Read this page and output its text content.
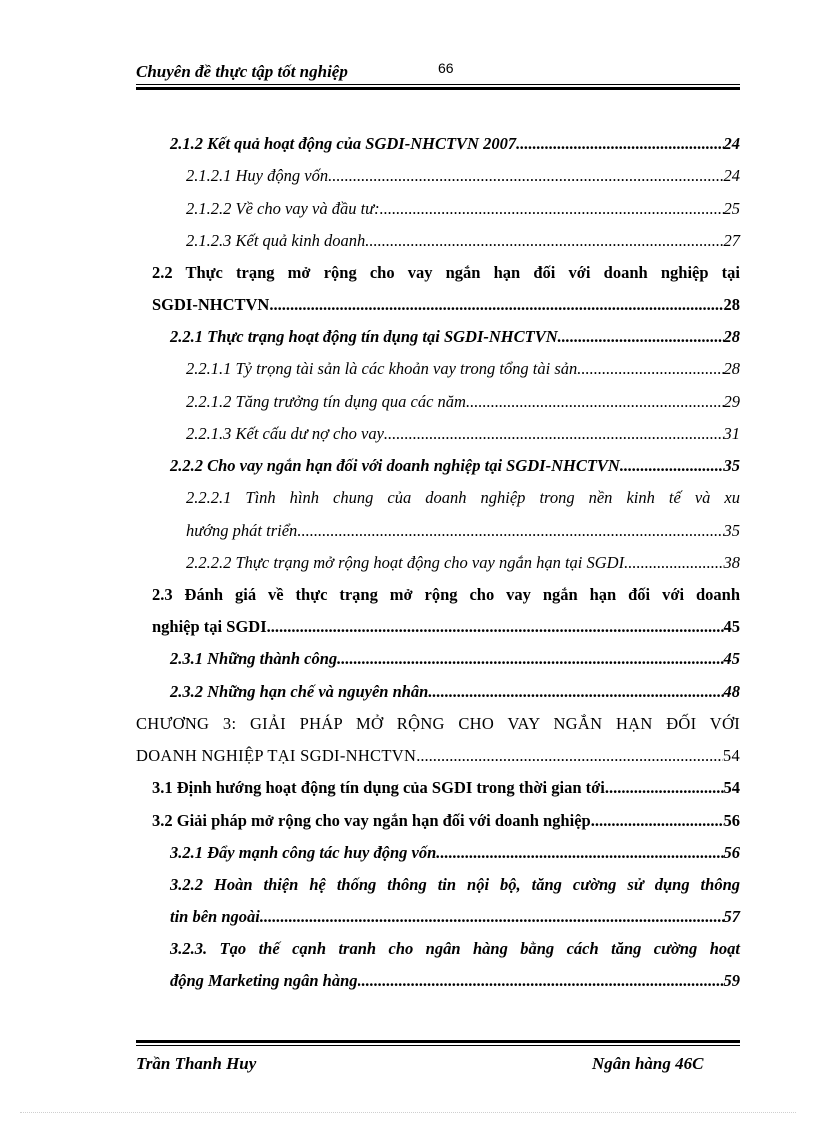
Chuyên đề thực tập tốt nghiệp	66
2.1.2 Kết quả hoạt động của SGDI-NHCTVN 2007 .....	24
2.1.2.1 Huy động vốn .....	24
2.1.2.2 Về cho vay và đầu tư: .....	25
2.1.2.3 Kết quả kinh doanh. .....	27
2.2 Thực trạng mở rộng cho vay ngắn hạn đối với doanh nghiệp tại
SGDI-NHCTVN. .....	28
2.2.1 Thực trạng hoạt động tín dụng tại SGDI-NHCTVN. .....	28
2.2.1.1 Tỷ trọng tài sản là các khoản vay trong tổng tài sản .....	28
2.2.1.2 Tăng trưởng tín dụng qua các năm .....	29
2.2.1.3 Kết cấu dư nợ cho vay .....	31
2.2.2 Cho vay ngắn hạn đối với doanh nghiệp tại SGDI-NHCTVN. .....	35
2.2.2.1 Tình hình chung của doanh nghiệp trong nền kinh tế và xu
hướng phát triển .....	35
2.2.2.2 Thực trạng mở rộng hoạt động cho vay ngắn hạn tại SGDI .....	38
2.3 Đánh giá về thực trạng mở rộng cho vay ngắn hạn đối với doanh
nghiệp tại SGDI. .....	45
2.3.1 Những thành công. .....	45
2.3.2 Những hạn chế và nguyên nhân .....	48
CHƯƠNG 3: GIẢI PHÁP MỞ RỘNG CHO VAY NGẮN HẠN ĐỐI VỚI
DOANH NGHIỆP TẠI SGDI-NHCTVN .....	54
3.1 Định hướng hoạt động tín dụng của SGDI trong thời gian tới .....	54
3.2 Giải pháp mở rộng cho vay ngắn hạn đối với doanh nghiệp. .....	56
3.2.1 Đẩy mạnh công tác huy động vốn. .....	56
3.2.2 Hoàn thiện hệ thống thông tin nội bộ, tăng cường sử dụng thông
tin bên ngoài. .....	57
3.2.3. Tạo thế cạnh tranh cho ngân hàng bằng cách tăng cường hoạt
động Marketing ngân hàng .....	59
Trần Thanh Huy	Ngân hàng 46C
